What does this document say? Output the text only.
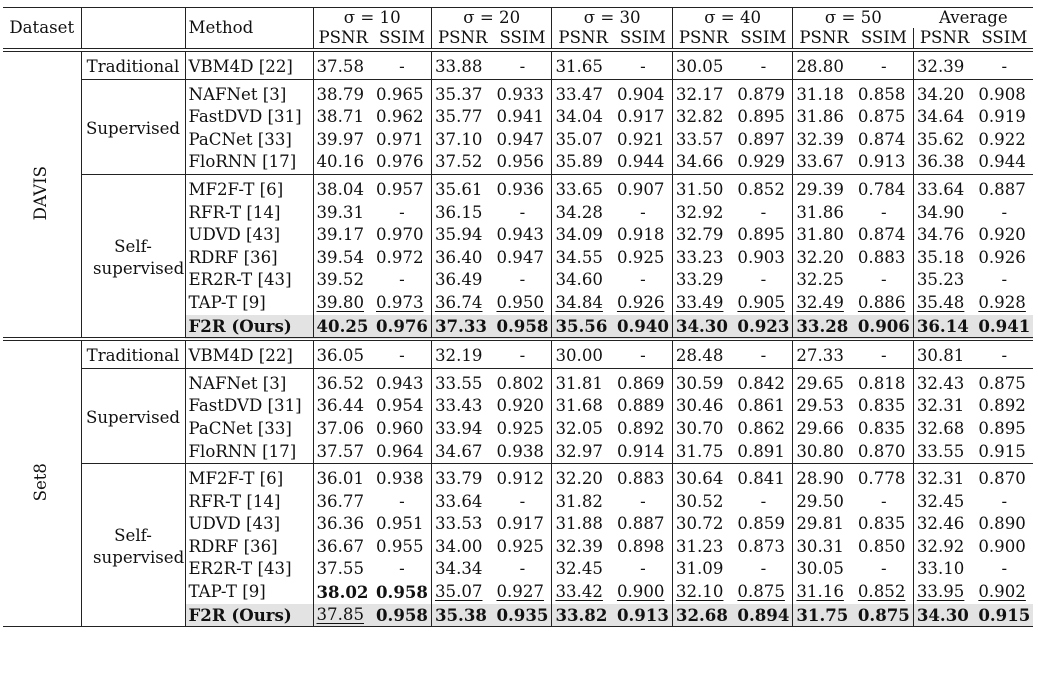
Dataset		Method	σ = 10		σ = 20		σ = 30		σ = 40		σ = 50		Average	
			PSNR	SSIM	PSNR	SSIM	PSNR	SSIM	PSNR	SSIM	PSNR	SSIM	PSNR	SSIM
DAVIS	Traditional	VBM4D [22]	37.58	-	33.88	-	31.65	-	30.05	-	28.80	-	32.39	-
	Supervised	NAFNet [3]	38.79	0.965	35.37	0.933	33.47	0.904	32.17	0.879	31.18	0.858	34.20	0.908
		FastDVD [31]	38.71	0.962	35.77	0.941	34.04	0.917	32.82	0.895	31.86	0.875	34.64	0.919
		PaCNet [33]	39.97	0.971	37.10	0.947	35.07	0.921	33.57	0.897	32.39	0.874	35.62	0.922
		FloRNN [17]	40.16	0.976	37.52	0.956	35.89	0.944	34.66	0.929	33.67	0.913	36.38	0.944
	Self-supervised	MF2F-T [6]	38.04	0.957	35.61	0.936	33.65	0.907	31.50	0.852	29.39	0.784	33.64	0.887
		RFR-T [14]	39.31	-	36.15	-	34.28	-	32.92	-	31.86	-	34.90	-
		UDVD [43]	39.17	0.970	35.94	0.943	34.09	0.918	32.79	0.895	31.80	0.874	34.76	0.920
		RDRF [36]	39.54	0.972	36.40	0.947	34.55	0.925	33.23	0.903	32.20	0.883	35.18	0.926
		ER2R-T [43]	39.52	-	36.49	-	34.60	-	33.29	-	32.25	-	35.23	-
		TAP-T [9]	39.80	0.973	36.74	0.950	34.84	0.926	33.49	0.905	32.49	0.886	35.48	0.928
		F2R (Ours)	40.25	0.976	37.33	0.958	35.56	0.940	34.30	0.923	33.28	0.906	36.14	0.941
Set8	Traditional	VBM4D [22]	36.05	-	32.19	-	30.00	-	28.48	-	27.33	-	30.81	-
	Supervised	NAFNet [3]	36.52	0.943	33.55	0.802	31.81	0.869	30.59	0.842	29.65	0.818	32.43	0.875
		FastDVD [31]	36.44	0.954	33.43	0.920	31.68	0.889	30.46	0.861	29.53	0.835	32.31	0.892
		PaCNet [33]	37.06	0.960	33.94	0.925	32.05	0.892	30.70	0.862	29.66	0.835	32.68	0.895
		FloRNN [17]	37.57	0.964	34.67	0.938	32.97	0.914	31.75	0.891	30.80	0.870	33.55	0.915
	Self-supervised	MF2F-T [6]	36.01	0.938	33.79	0.912	32.20	0.883	30.64	0.841	28.90	0.778	32.31	0.870
		RFR-T [14]	36.77	-	33.64	-	31.82	-	30.52	-	29.50	-	32.45	-
		UDVD [43]	36.36	0.951	33.53	0.917	31.88	0.887	30.72	0.859	29.81	0.835	32.46	0.890
		RDRF [36]	36.67	0.955	34.00	0.925	32.39	0.898	31.23	0.873	30.31	0.850	32.92	0.900
		ER2R-T [43]	37.55	-	34.34	-	32.45	-	31.09	-	30.05	-	33.10	-
		TAP-T [9]	38.02	0.958	35.07	0.927	33.42	0.900	32.10	0.875	31.16	0.852	33.95	0.902
		F2R (Ours)	37.85	0.958	35.38	0.935	33.82	0.913	32.68	0.894	31.75	0.875	34.30	0.915
